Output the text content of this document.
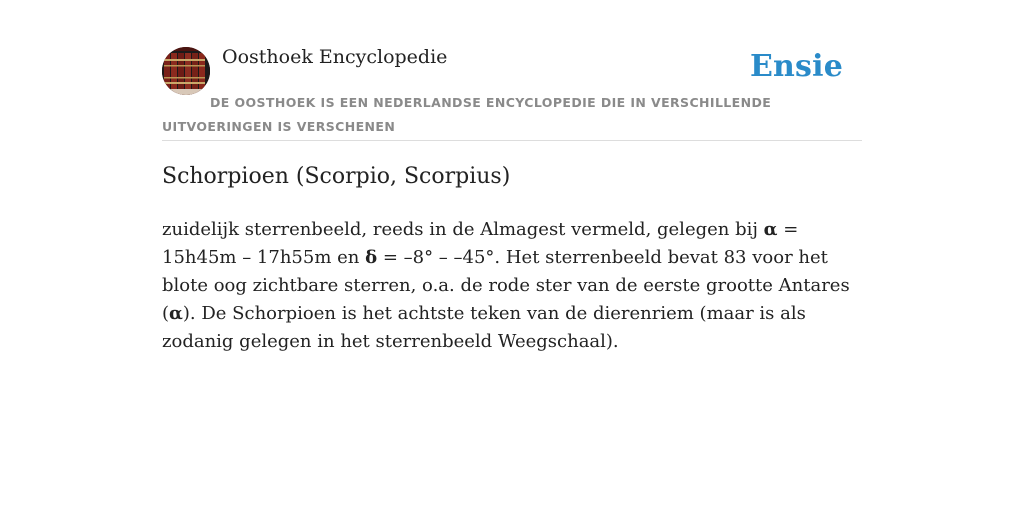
Oosthoek Encyclopedie	Ensie
DE OOSTHOEK IS EEN NEDERLANDSE ENCYCLOPEDIE DIE IN VERSCHILLENDE UITVOERINGEN IS VERSCHENEN
Schorpioen (Scorpio, Scorpius)

zuidelijk sterrenbeeld, reeds in de Almagest vermeld, gelegen bij α = 15h45m – 17h55m en δ = –8° – –45°. Het sterrenbeeld bevat 83 voor het blote oog zichtbare sterren, o.a. de rode ster van de eerste grootte Antares (α). De Schorpioen is het achtste teken van de dierenriem (maar is als zodanig gelegen in het sterrenbeeld Weegschaal).
